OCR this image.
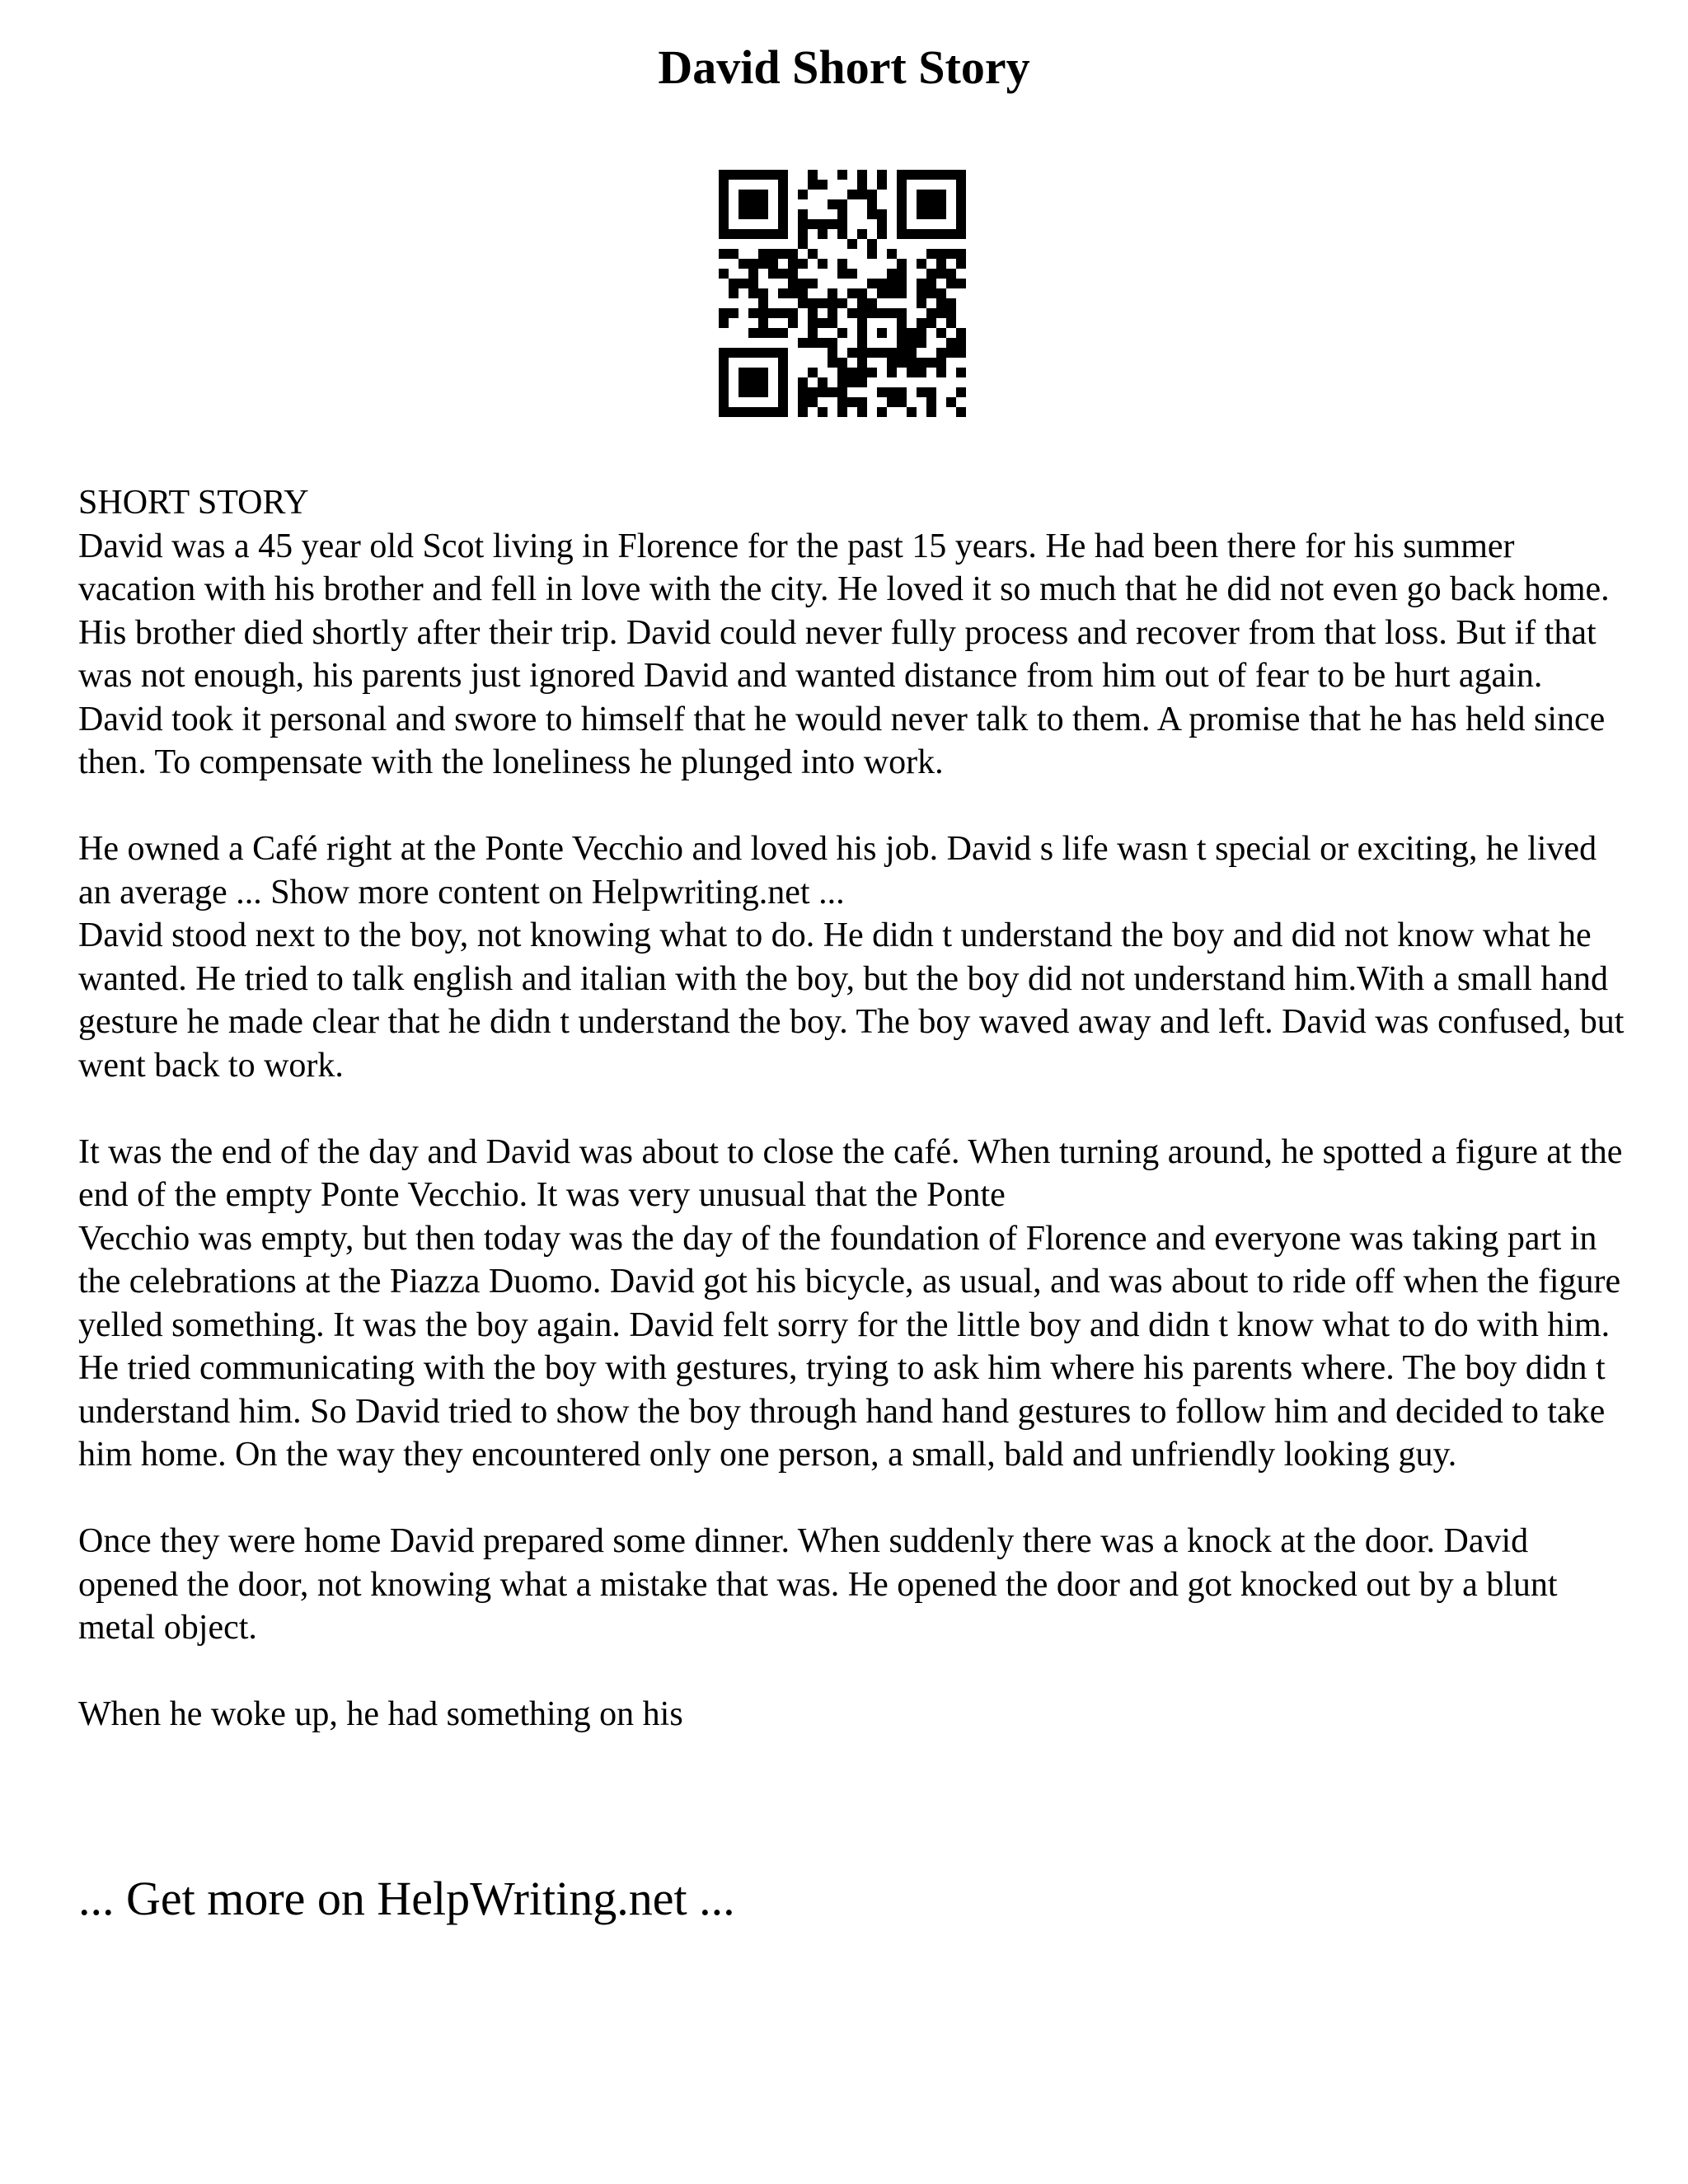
David Short Story

SHORT STORY

David was a 45 year old Scot living in Florence for the past 15 years. He had been there for his summer vacation with his brother and fell in love with the city. He loved it so much that he did not even go back home. His brother died shortly after their trip. David could never fully process and recover from that loss. But if that was not enough, his parents just ignored David and wanted distance from him out of fear to be hurt again. David took it personal and swore to himself that he would never talk to them. A promise that he has held since then. To compensate with the loneliness he plunged into work.

He owned a Café right at the Ponte Vecchio and loved his job. David s life wasn t special or exciting, he lived an average ... Show more content on Helpwriting.net ...

David stood next to the boy, not knowing what to do. He didn t understand the boy and did not know what he wanted. He tried to talk english and italian with the boy, but the boy did not understand him.With a small hand gesture he made clear that he didn t understand the boy. The boy waved away and left. David was confused, but went back to work.

It was the end of the day and David was about to close the café. When turning around, he spotted a figure at the end of the empty Ponte Vecchio. It was very unusual that the Ponte

Vecchio was empty, but then today was the day of the foundation of Florence and everyone was taking part in the celebrations at the Piazza Duomo. David got his bicycle, as usual, and was about to ride off when the figure yelled something. It was the boy again. David felt sorry for the little boy and didn t know what to do with him. He tried communicating with the boy with gestures, trying to ask him where his parents where. The boy didn t understand him. So David tried to show the boy through hand hand gestures to follow him and decided to take him home. On the way they encountered only one person, a small, bald and unfriendly looking guy.

Once they were home David prepared some dinner. When suddenly there was a knock at the door. David opened the door, not knowing what a mistake that was. He opened the door and got knocked out by a blunt metal object.

When he woke up, he had something on his

... Get more on HelpWriting.net ...
